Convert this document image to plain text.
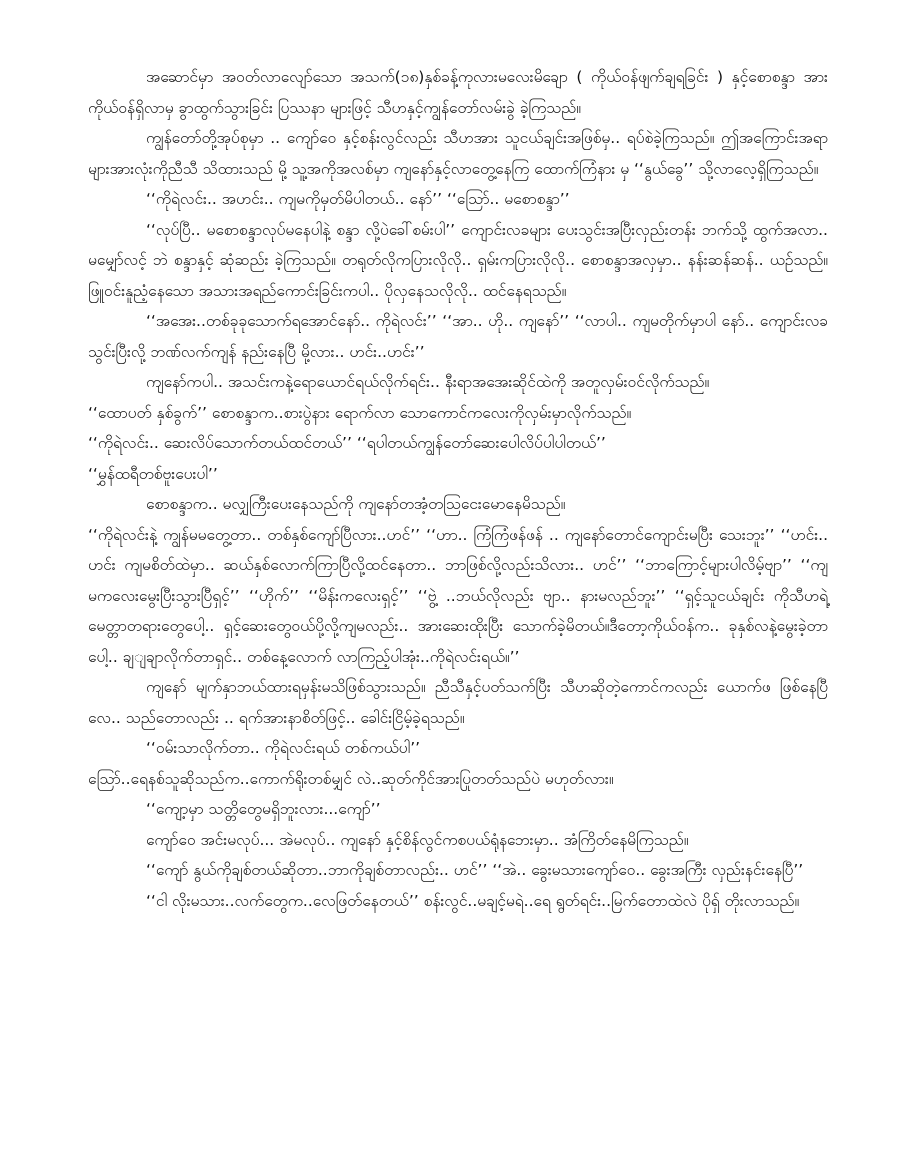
အဆောင်မှာ အဝတ်လာလျော်သော အသက်(၁၈)နှစ်ခန့်ကုလားမလေးမိချော ( ကိုယ်ဝန်ဖျက်ချရခြင်း ) နှင့်စောစန္ဒာ အားကိုယ်ဝန်ရှိလာမှ ခွာထွက်သွားခြင်း ပြဿနာ များဖြင့် သီဟနှင့်ကျွန်တော်လမ်းခွဲ ခဲ့ကြသည်။

ကျွန်တော်တို့အုပ်စုမှာ .. ကျော်ဝေ နှင့်စန်းလွင်လည်း သီဟအား သူငယ်ချင်းအဖြစ်မှ.. ရပ်စဲခဲ့ကြသည်။ ဤအကြောင်းအရာများအားလုံးကိုညီသီ သိထားသည် မို့ သူ့အကိုအလစ်မှာ ကျနော်နှင့်လာတွေ့နေကြ ထောက်ကြံနား မှ ‘‘နွယ်ခွေ’’ သို့လာလေ့ရှိကြသည်။

‘‘ကိုရဲလင်း.. အဟင်း.. ကျမကိုမှတ်မိပါတယ်.. နော်’’ ‘‘သြော်.. မစောစန္ဒာ’’

‘‘လုပ်ပြီ.. မစောစန္ဒာလုပ်မနေပါနဲ့ စန္ဒာ လို့ပဲခေါ်စမ်းပါ’’ ကျောင်းလခများ ပေးသွင်းအပြီးလှည်းတန်း ဘက်သို့ ထွက်အလာ.. မမျှော်လင့် ဘဲ စန္ဒာနှင့် ဆုံဆည်း ခဲ့ကြသည်။ တရုတ်လိုကပြားလိုလို.. ရှမ်းကပြားလိုလို.. စောစန္ဒာအလှမှာ.. နန်းဆန်ဆန်.. ယဥ်သည်။ ဖြူဝင်းနူညံ့နေသော အသားအရည်ကောင်းခြင်းကပါ.. ပိုလှနေသလိုလို.. ထင်နေရသည်။

‘‘အအေး..တစ်ခုခုသောက်ရအောင်နော်.. ကိုရဲလင်း’’ ‘‘အာ.. ဟို.. ကျနော်’’ ‘‘လာပါ.. ကျမတိုက်မှာပါ နော်.. ကျောင်းလခသွင်းပြီးလို့ ဘဏ်လက်ကျန် နည်းနေပြီ မို့လား.. ဟင်း..ဟင်း’’

ကျနော်ကပါ.. အသင်းကနဲ့ရောယောင်ရယ်လိုက်ရင်း.. နီးရာအအေးဆိုင်ထဲကို အတူလှမ်းဝင်လိုက်သည်။

‘‘ထောပတ် နှစ်ခွက်’’ စောစန္ဒာက..စားပွဲနား ရောက်လာ သောကောင်ကလေးကိုလှမ်းမှာလိုက်သည်။

‘‘ကိုရဲလင်း.. ဆေးလိပ်သောက်တယ်ထင်တယ်’’ ‘‘ရပါတယ်ကျွန်တော်ဆေးပေါလိပ်ပါပါတယ်’’

‘‘မွှန်ထရီတစ်ဗူးပေးပါ’’

စောစန္ဒာက.. မလျှကြီးပေးနေသည်ကို ကျနော်တအံ့တသြငေးမောနေမိသည်။

‘‘ကိုရဲလင်းနဲ့ ကျွန်မမတွေ့တာ.. တစ်နှစ်ကျော်ပြီလား..ဟင်’’ ‘‘ဟာ.. ကြံကြံဖန်ဖန် .. ကျနော်တောင်ကျောင်းမပြီး သေးဘူး’’ ‘‘ဟင်း.. ဟင်း ကျမစိတ်ထဲမှာ.. ဆယ်နှစ်လောက်ကြာပြီလို့ထင်နေတာ.. ဘာဖြစ်လို့လည်းသိလား.. ဟင်’’ ‘‘ဘာကြောင့်များပါလိမ့်ဗျာ’’ ‘‘ကျမကလေးမွေးပြီးသွားပြီရှင့်’’ ‘‘ဟိုက်’’ ‘‘မိန်းကလေးရှင့်’’ ‘‘ဗွဲ့ ..ဘယ်လိုလည်း ဗျာ.. နားမလည်ဘူး’’ ‘‘ရှင့်သူငယ်ချင်း ကိုသီဟရဲ့မေတ္တာတရားတွေပေါ့.. ရှင့်ဆေးတွေဝယ်ပို့လို့ကျမလည်း.. အားဆေးထိုးပြီး သောက်ခဲ့မိတယ်။ဒီတော့ကိုယ်ဝန်က.. ခုနှစ်လနဲ့မွေးခဲ့တာပေါ့.. ချျချာလိုက်တာရှင်.. တစ်နေ့လောက် လာကြည့်ပါအုံး..ကိုရဲလင်းရယ်။’’

ကျနော် မျက်နှာဘယ်ထားရမှန်းမသိဖြစ်သွားသည်။ ညီသီနှင့်ပတ်သက်ပြီး သီဟဆိုတဲ့ကောင်ကလည်း ယောက်ဖ ဖြစ်နေပြီလေ.. သည်တောလည်း .. ရက်အားနာစိတ်ဖြင့်.. ခေါင်းငြိမ့်ခဲ့ရသည်။

‘‘ဝမ်းသာလိုက်တာ.. ကိုရဲလင်းရယ် တစ်ကယ်ပါ’’

သြော်..ရေနစ်သူဆိုသည်က..ကောက်ရိုးတစ်မျှင် လဲ..ဆုတ်ကိုင်အားပြုတတ်သည်ပဲ မဟုတ်လား။

‘‘ကျော့မှာ သတ္တိတွေမရှိဘူးလား...ကျော်’’

ကျော်ဝေ အင်းမလုပ်... အဲမလုပ်.. ကျနော် နှင့်စိန်လွင်ကစပယ်ရုံနဘေးမှာ.. အံကြိတ်နေမိကြသည်။

‘‘ကျော် နွယ်ကိုချစ်တယ်ဆိုတာ..ဘာကိုချစ်တာလည်း.. ဟင်’’ ‘‘အဲ.. ခွေးမသားကျော်ဝေ.. ခွေးအကြီး လှည်းနင်းနေပြီ’’

‘‘ငါ လိုးမသား..လက်တွေက..လေဖြတ်နေတယ်’’ စန်းလွင်..မချင့်မရဲ..ရေ ရွတ်ရင်း..မြက်တောထဲလဲ ပိုရှ် တိုးလာသည်။
